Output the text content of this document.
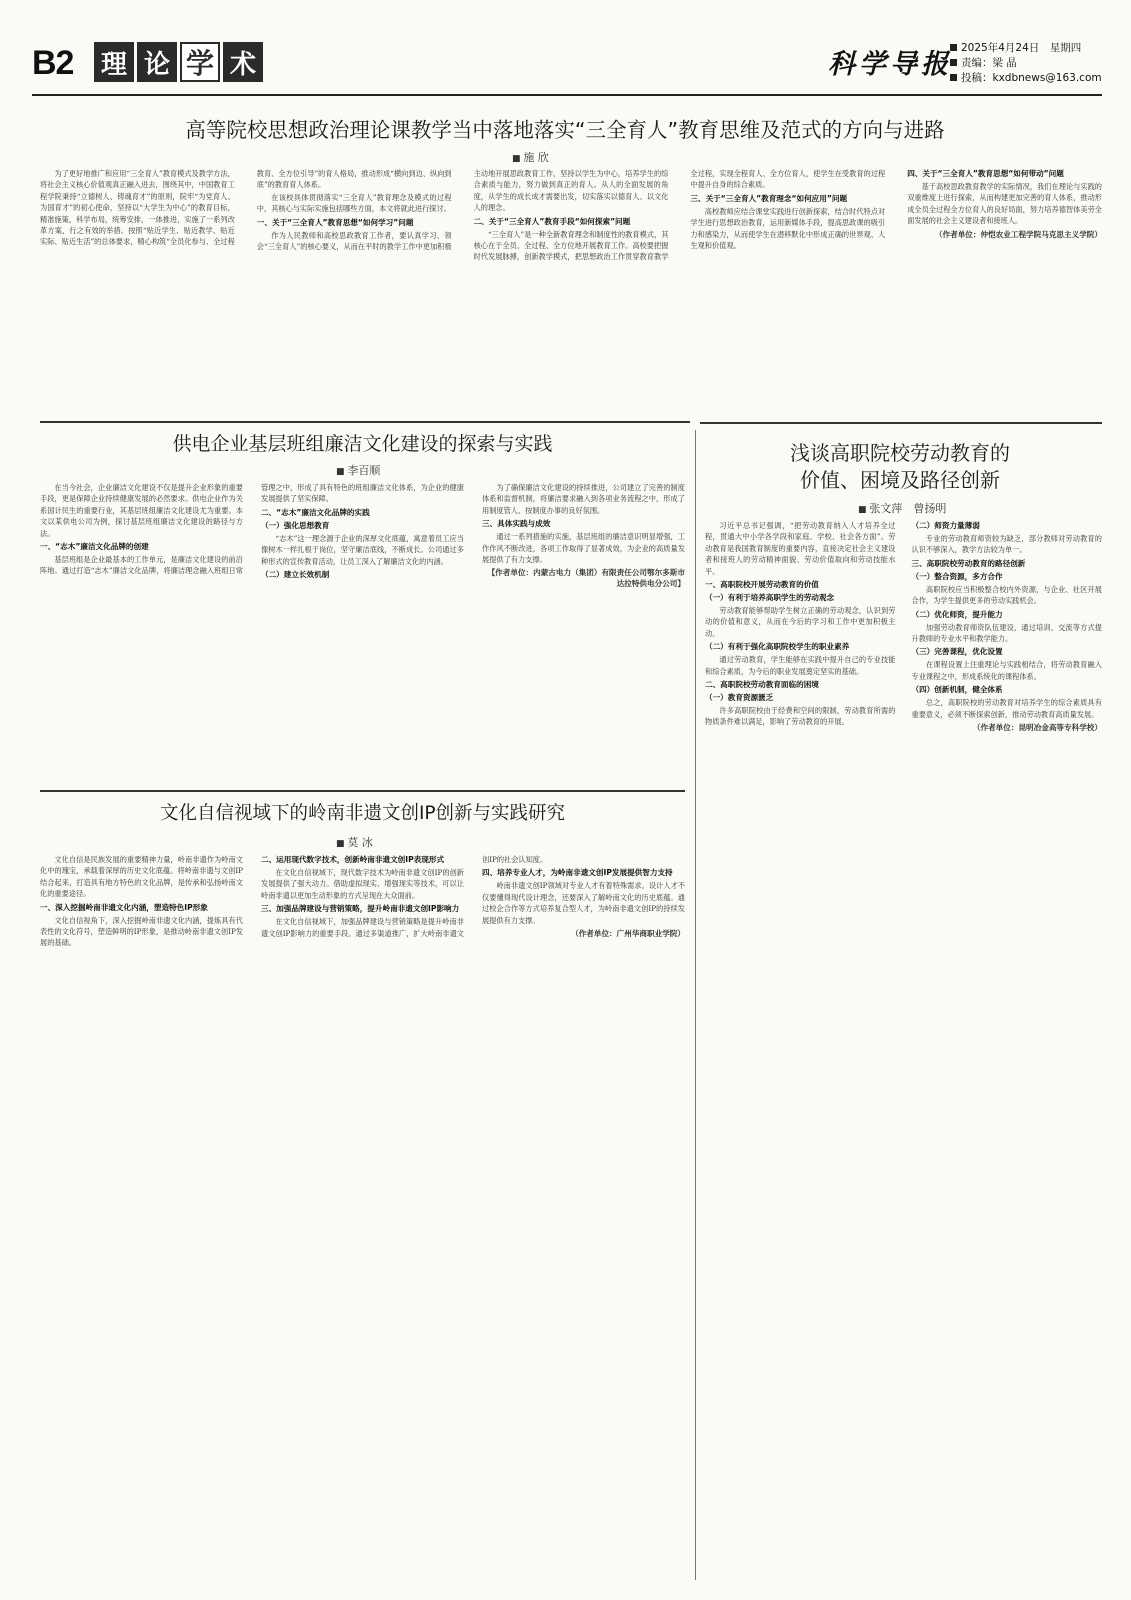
B2 理 论 学 术	科学导报
2025年4月24日　星期四
责编：梁 晶
投稿：kxdbnews@163.com
高等院校思想政治理论课教学当中落地落实“三全育人”教育思维及范式的方向与进路
■ 施 欣

为了更好地推广和应用“三全育人”教育模式及教学方法，将社会主义核心价值观真正融入进去，围绕其中，中国教育工程学院秉持“立德树人、铸魂育才”的原则，院牢“为党育人、为国育才”的初心使命，坚持以“大学生为中心”的教育目标，精准施策，科学布局，统筹安排，一体推进，实施了一系列改革方案，行之有效的举措。按照“贴近学生、贴近教学、贴近实际、贴近生活”的总体要求，精心构筑“全员化参与、全过程教育、全方位引导”的育人格局，推动形成“横向到边、纵向到底”的教育育人体系。

在该校具体贯彻落实“三全育人”教育理念及模式的过程中，其核心与实际实施包括哪些方面，本文将就此进行探讨。

一、关于“三全育人”教育思想“如何学习”问题

作为人民教师和高校思政教育工作者，要认真学习、领会“三全育人”的核心要义，从而在平时的教学工作中更加积极主动地开展思政教育工作，坚持以学生为中心，培养学生的综合素质与能力，努力做到真正的育人。从人的全面发展的角度，从学生的成长成才需要出发，切实落实以德育人、以文化人的理念。

二、关于“三全育人”教育手段“如何探索”问题

“三全育人”是一种全新教育理念和制度性的教育模式，其核心在于全员、全过程、全方位地开展教育工作。高校要把握时代发展脉搏，创新教学模式，把思想政治工作贯穿教育教学全过程，实现全程育人、全方位育人，使学生在受教育的过程中提升自身的综合素质。

三、关于“三全育人”教育理念“如何应用”问题

高校教师应结合课堂实践进行创新探索，结合时代特点对学生进行思想政治教育，运用新媒体手段，提高思政课的吸引力和感染力，从而使学生在潜移默化中形成正确的世界观、人生观和价值观。

四、关于“三全育人”教育思想“如何带动”问题

基于高校思政教育教学的实际情况，我们在理论与实践的双重维度上进行探索，从而构建更加完善的育人体系，推动形成全员全过程全方位育人的良好局面，努力培养德智体美劳全面发展的社会主义建设者和接班人。

（作者单位：仲恺农业工程学院马克思主义学院）

供电企业基层班组廉洁文化建设的探索与实践
■ 李百顺

在当今社会，企业廉洁文化建设不仅是提升企业形象的重要手段，更是保障企业持续健康发展的必然要求。供电企业作为关系国计民生的重要行业，其基层班组廉洁文化建设尤为重要。本文以某供电公司为例，探讨基层班组廉洁文化建设的路径与方法。

一、“志木”廉洁文化品牌的创建

基层班组是企业最基本的工作单元，是廉洁文化建设的前沿阵地。通过打造“志木”廉洁文化品牌，将廉洁理念融入班组日常管理之中，形成了具有特色的班组廉洁文化体系，为企业的健康发展提供了坚实保障。

二、“志木”廉洁文化品牌的实践

（一）强化思想教育

“志木”这一理念源于企业的深厚文化底蕴，寓意着员工应当像树木一样扎根于岗位，坚守廉洁底线，不断成长。公司通过多种形式的宣传教育活动，让员工深入了解廉洁文化的内涵。

（二）建立长效机制

为了确保廉洁文化建设的持续推进，公司建立了完善的制度体系和监督机制，将廉洁要求融入到各项业务流程之中，形成了用制度管人、按制度办事的良好氛围。

三、具体实践与成效

通过一系列措施的实施，基层班组的廉洁意识明显增强，工作作风不断改进，各项工作取得了显著成效，为企业的高质量发展提供了有力支撑。

【作者单位：内蒙古电力（集团）有限责任公司鄂尔多斯市达拉特供电分公司】

浅谈高职院校劳动教育的
价值、困境及路径创新
■ 张文萍　曾扬明

习近平总书记强调，“把劳动教育纳入人才培养全过程，贯通大中小学各学段和家庭、学校、社会各方面”。劳动教育是我国教育制度的重要内容，直接决定社会主义建设者和接班人的劳动精神面貌、劳动价值取向和劳动技能水平。

一、高职院校开展劳动教育的价值

（一）有利于培养高职学生的劳动观念

劳动教育能够帮助学生树立正确的劳动观念，认识到劳动的价值和意义，从而在今后的学习和工作中更加积极主动。

（二）有利于强化高职院校学生的职业素养

通过劳动教育，学生能够在实践中提升自己的专业技能和综合素质，为今后的职业发展奠定坚实的基础。

二、高职院校劳动教育面临的困境

（一）教育资源匮乏

许多高职院校由于经费和空间的限制，劳动教育所需的物质条件难以满足，影响了劳动教育的开展。

（二）师资力量薄弱

专业的劳动教育师资较为缺乏，部分教师对劳动教育的认识不够深入，教学方法较为单一。

三、高职院校劳动教育的路径创新

（一）整合资源，多方合作

高职院校应当积极整合校内外资源，与企业、社区开展合作，为学生提供更多的劳动实践机会。

（二）优化师资，提升能力

加强劳动教育师资队伍建设，通过培训、交流等方式提升教师的专业水平和教学能力。

（三）完善课程，优化设置

在课程设置上注重理论与实践相结合，将劳动教育融入专业课程之中，形成系统化的课程体系。

（四）创新机制，健全体系

总之，高职院校的劳动教育对培养学生的综合素质具有重要意义，必须不断探索创新，推动劳动教育高质量发展。

（作者单位：昆明冶金高等专科学校）

文化自信视域下的岭南非遗文创IP创新与实践研究
■ 莫 冰

文化自信是民族发展的重要精神力量，岭南非遗作为岭南文化中的瑰宝，承载着深厚的历史文化底蕴。将岭南非遗与文创IP结合起来，打造具有地方特色的文化品牌，是传承和弘扬岭南文化的重要途径。

一、深入挖掘岭南非遗文化内涵，塑造特色IP形象

文化自信视角下，深入挖掘岭南非遗文化内涵，提炼具有代表性的文化符号，塑造鲜明的IP形象，是推动岭南非遗文创IP发展的基础。

二、运用现代数字技术，创新岭南非遗文创IP表现形式

在文化自信视域下，现代数字技术为岭南非遗文创IP的创新发展提供了强大动力。借助虚拟现实、增强现实等技术，可以让岭南非遗以更加生动形象的方式呈现在大众面前。

三、加强品牌建设与营销策略，提升岭南非遗文创IP影响力

在文化自信视域下，加强品牌建设与营销策略是提升岭南非遗文创IP影响力的重要手段。通过多渠道推广，扩大岭南非遗文创IP的社会认知度。

四、培养专业人才，为岭南非遗文创IP发展提供智力支持

岭南非遗文创IP领域对专业人才有着特殊需求。设计人才不仅要懂得现代设计理念，还要深入了解岭南文化的历史底蕴。通过校企合作等方式培养复合型人才，为岭南非遗文创IP的持续发展提供有力支撑。

（作者单位：广州华商职业学院）
